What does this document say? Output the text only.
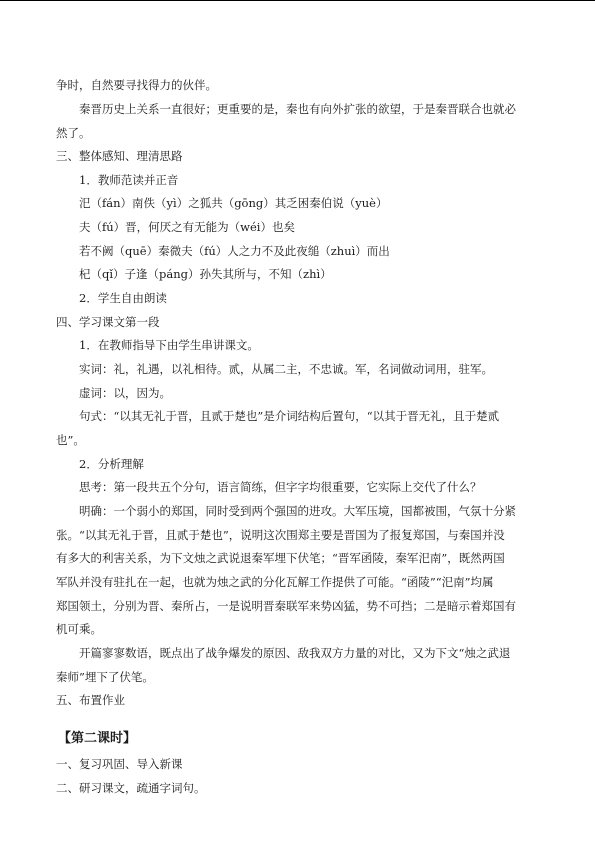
争时，自然要寻找得力的伙伴。
秦晋历史上关系一直很好；更重要的是，秦也有向外扩张的欲望，于是秦晋联合也就必
然了。
三、整体感知、理清思路
1．教师范读并正音
汜（fán）南佚（yì）之狐共（gōng）其乏困秦伯说（yuè）
夫（fú）晋，何厌之有无能为（wéi）也矣
若不阙（quē）秦微夫（fú）人之力不及此夜缒（zhuì）而出
杞（qǐ）子逢（páng）孙失其所与，不知（zhì）
2．学生自由朗读
四、学习课文第一段
1．在教师指导下由学生串讲课文。
实词：礼，礼遇，以礼相待。贰，从属二主，不忠诚。军，名词做动词用，驻军。
虚词：以，因为。
句式：“以其无礼于晋，且贰于楚也”是介词结构后置句，“以其于晋无礼，且于楚贰
也”。
2．分析理解
思考：第一段共五个分句，语言简练，但字字均很重要，它实际上交代了什么？
明确：一个弱小的郑国，同时受到两个强国的进攻。大军压境，国都被围，气氛十分紧
张。“以其无礼于晋，且贰于楚也”，说明这次围郑主要是晋国为了报复郑国，与秦国并没
有多大的利害关系，为下文烛之武说退秦军埋下伏笔；“晋军函陵，秦军汜南”，既然两国
军队并没有驻扎在一起，也就为烛之武的分化瓦解工作提供了可能。“函陵”“汜南”均属
郑国领土，分别为晋、秦所占，一是说明晋秦联军来势凶猛，势不可挡；二是暗示着郑国有
机可乘。
开篇寥寥数语，既点出了战争爆发的原因、敌我双方力量的对比，又为下文“烛之武退
秦师”埋下了伏笔。
五、布置作业
【第二课时】
一、复习巩固、导入新课
二、研习课文，疏通字词句。
